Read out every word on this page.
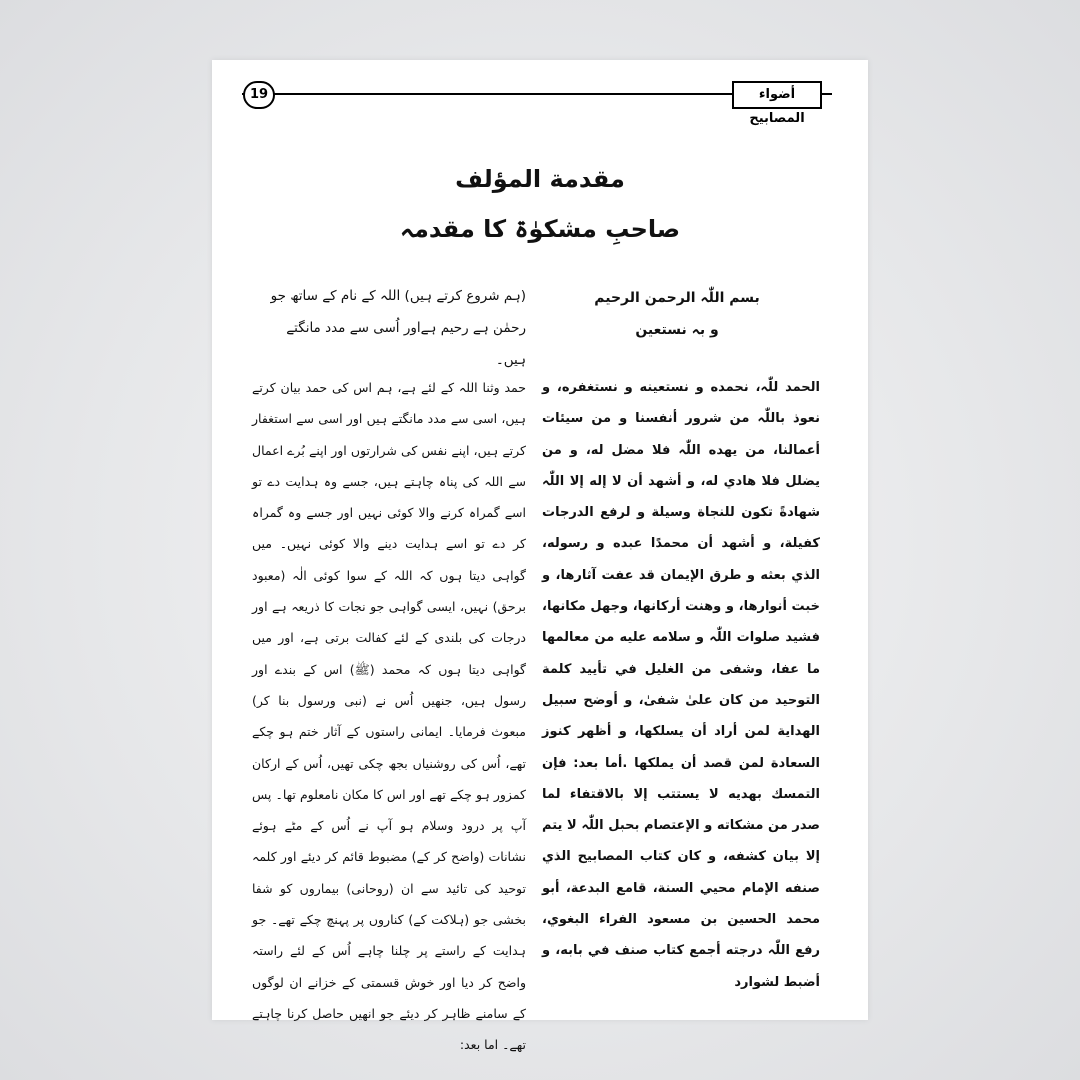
19	أضواء المصابيح
مقدمة المؤلف
صاحبِ مشکوٰۃ کا مقدمہ
بسم اللّٰہ الرحمن الرحیم
و بہ نستعین
(ہم شروع کرتے ہیں) اللہ کے نام کے ساتھ جو رحمٰن ہے رحیم ہےاور اُسی سے مدد مانگتے ہیں۔

الحمد للّٰہ، نحمده و نستعینه و نستغفره، و نعوذ باللّٰہ من شرور أنفسنا و من سیئات أعمالنا، من یهده اللّٰہ فلا مضل له، و من یضلل فلا هادي له، و أشهد أن لا إله إلا اللّٰہ شهادةً تکون للنجاة وسیلة و لرفع الدرجات کفیلة، و أشهد أن محمدًا عبده و رسوله، الذي بعثه و طرق الإیمان قد عفت آثارها، و خبت أنوارها، و وهنت أرکانها، وجهل مکانها، فشید صلوات اللّٰہ و سلامه علیه من معالمها ما عفا، وشفی من الغلیل في تأیید کلمة التوحید من کان علیٰ شفیٰ، و أوضح سبیل الهدایة لمن أراد أن یسلکها، و أظهر کنوز السعادة لمن قصد أن یملکها .أما بعد: فإن التمسك بهدیه لا یستتب إلا بالاقتفاء لما صدر من مشکاته و الإعتصام بحبل اللّٰہ لا یتم إلا بیان کشفه، و کان کتاب المصابیح الذي صنفه الإمام محیي السنة، قامع البدعة، أبو محمد الحسین بن مسعود الفراء البغوي، رفع اللّٰہ درجته أجمع کتاب صنف في بابه، و أضبط لشوارد

حمد وثنا اللہ کے لئے ہے، ہم اس کی حمد بیان کرتے ہیں، اسی سے مدد مانگتے ہیں اور اسی سے استغفار کرتے ہیں، اپنے نفس کی شرارتوں اور اپنے بُرے اعمال سے اللہ کی پناہ چاہتے ہیں، جسے وہ ہدایت دے تو اسے گمراہ کرنے والا کوئی نہیں اور جسے وہ گمراہ کر دے تو اسے ہدایت دینے والا کوئی نہیں۔ میں گواہی دیتا ہوں کہ اللہ کے سوا کوئی الٰہ (معبود برحق) نہیں، ایسی گواہی جو نجات کا ذریعہ ہے اور درجات کی بلندی کے لئے کفالت برتی ہے، اور میں گواہی دیتا ہوں کہ محمد (ﷺ) اس کے بندے اور رسول ہیں، جنھیں اُس نے (نبی ورسول بنا کر) مبعوث فرمایا۔ ایمانی راستوں کے آثار ختم ہو چکے تھے، اُس کی روشنیاں بجھ چکی تھیں، اُس کے ارکان کمزور ہو چکے تھے اور اس کا مکان نامعلوم تھا۔ پس آپ پر درود وسلام ہو آپ نے اُس کے مٹے ہوئے نشانات (واضح کر کے) مضبوط قائم کر دیئے اور کلمہ توحید کی تائید سے ان (روحانی) بیماروں کو شفا بخشی جو (ہلاکت کے) کناروں پر پہنچ چکے تھے۔ جو ہدایت کے راستے پر چلنا چاہے اُس کے لئے راستہ واضح کر دیا اور خوش قسمتی کے خزانے ان لوگوں کے سامنے ظاہر کر دیئے جو انھیں حاصل کرنا چاہتے تھے۔ اما بعد:
